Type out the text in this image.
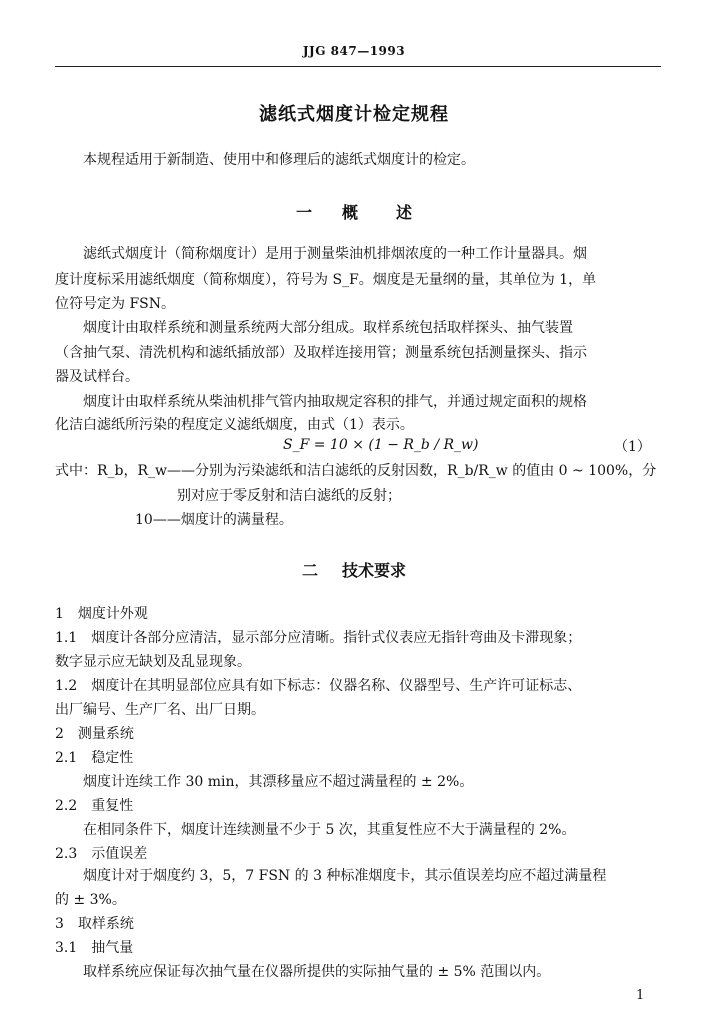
JJG 847—1993
滤纸式烟度计检定规程
本规程适用于新制造、使用中和修理后的滤纸式烟度计的检定。
一 概 述
滤纸式烟度计（简称烟度计）是用于测量柴油机排烟浓度的一种工作计量器具。烟
度计度标采用滤纸烟度（简称烟度），符号为 S_F。烟度是无量纲的量，其单位为 1，单
位符号定为 FSN。
烟度计由取样系统和测量系统两大部分组成。取样系统包括取样探头、抽气装置
（含抽气泵、清洗机构和滤纸插放部）及取样连接用管；测量系统包括测量探头、指示
器及试样台。
烟度计由取样系统从柴油机排气管内抽取规定容积的排气，并通过规定面积的规格
化洁白滤纸所污染的程度定义滤纸烟度，由式（1）表示。
S_F = 10 × (1 − R_b / R_w)	（1）
式中：R_b，R_w——分别为污染滤纸和洁白滤纸的反射因数，R_b/R_w 的值由 0 ~ 100%，分
别对应于零反射和洁白滤纸的反射；
10——烟度计的满量程。
二 技术要求
1　烟度计外观
1.1　烟度计各部分应清洁，显示部分应清晰。指针式仪表应无指针弯曲及卡滞现象；
数字显示应无缺划及乱显现象。
1.2　烟度计在其明显部位应具有如下标志：仪器名称、仪器型号、生产许可证标志、
出厂编号、生产厂名、出厂日期。
2　测量系统
2.1　稳定性
烟度计连续工作 30 min，其漂移量应不超过满量程的 ± 2%。
2.2　重复性
在相同条件下，烟度计连续测量不少于 5 次，其重复性应不大于满量程的 2%。
2.3　示值误差
烟度计对于烟度约 3，5，7 FSN 的 3 种标准烟度卡，其示值误差均应不超过满量程
的 ± 3%。
3　取样系统
3.1　抽气量
取样系统应保证每次抽气量在仪器所提供的实际抽气量的 ± 5% 范围以内。
1
